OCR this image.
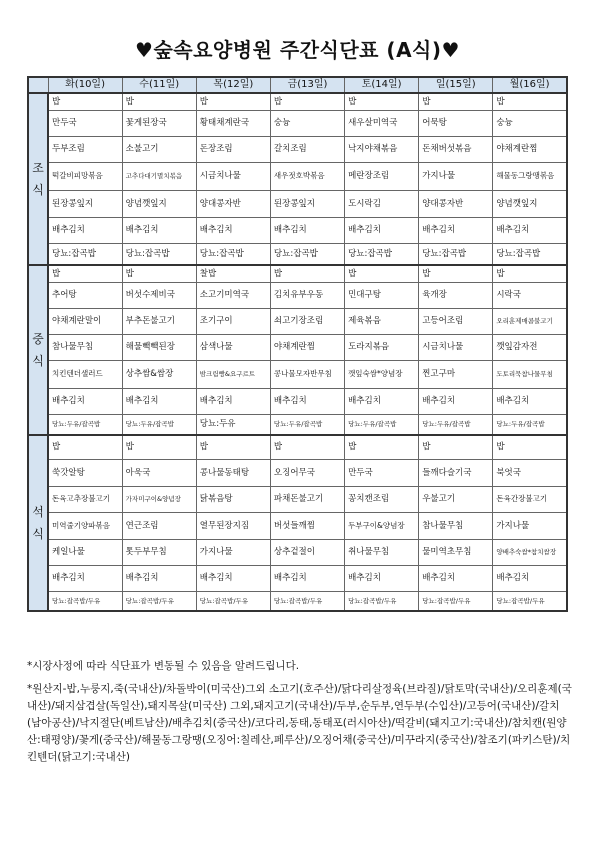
♥숲속요양병원 주간식단표 (A식)♥
	화(10일)	수(11일)	목(12일)	금(13일)	토(14일)	일(15일)	월(16일)
조
식	밥	밥	밥	밥	밥	밥	밥
	만두국	꽃게된장국	황태채계란국	숭늉	새우살미역국	어묵탕	숭늉
	두부조림	소불고기	돈장조림	갈치조림	낙지야채볶음	돈채버섯볶음	야채계란찜
	떡갈비피망볶음	고추다대기멸치볶음	시금치나물	새우젓호박볶음	메란장조림	가지나물	해물동그랑땡볶음
	된장콩잎지	양념깻잎지	양대콩자반	된장콩잎지	도시락김	양대콩자반	양념깻잎지
	배추김치	배추김치	배추김치	배추김치	배추김치	배추김치	배추김치
	당뇨:잡곡밥	당뇨:잡곡밥	당뇨:잡곡밥	당뇨:잡곡밥	당뇨:잡곡밥	당뇨:잡곡밥	당뇨:잡곡밥
중
식	밥	밥	찰밥	밥	밥	밥	밥
	추어탕	버섯수제비국	소고기미역국	김치유부우동	민대구탕	육개장	시락국
	야채계란말이	부추돈불고기	조기구이	쇠고기장조림	제육볶음	고등어조림	오리훈제매콤불고기
	참나물무침	해물빽빽된장	삼색나물	야채계란찜	도라지볶음	시금치나물	깻잎감자전
	치킨텐더샐러드	상추쌈&쌈장	밤크림빵&요구르트	콩나물모자반무침	깻잎숙쌈*양념장	찐고구마	도토리묵참나물무침
	배추김치	배추김치	배추김치	배추김치	배추김치	배추김치	배추김치
	당뇨:두유/잡곡밥	당뇨:두유/잡곡밥	당뇨:두유	당뇨:두유/잡곡밥	당뇨:두유/잡곡밥	당뇨:두유/잡곡밥	당뇨:두유/잡곡밥
석
식	밥	밥	밥	밥	밥	밥	밥
	쑥갓알탕	아욱국	콩나물동태탕	오징어무국	만두국	들깨다슬기국	북엇국
	돈육고추장불고기	가자미구이&양념장	닭볶음탕	파채돈불고기	꽁치캔조림	우불고기	돈육간장불고기
	미역줄기양파볶음	연근조림	열무된장지짐	버섯들깨찜	두부구이&양념장	참나물무침	가지나물
	케일나물	톳두부무침	가지나물	상추겉절이	취나물무침	물미역초무침	양배추숙쌈*참치쌈장
	배추김치	배추김치	배추김치	배추김치	배추김치	배추김치	배추김치
	당뇨:잡곡밥/두유	당뇨:잡곡밥/두유	당뇨:잡곡밥/두유	당뇨:잡곡밥/두유	당뇨:잡곡밥/두유	당뇨:잡곡밥/두유	당뇨:잡곡밥/두유
*시장사정에 따라 식단표가 변동될 수 있음을 알려드립니다.
*원산지-밥,누룽지,죽(국내산)/차돌박이(미국산)그외 소고기(호주산)/닭다리살정육(브라질)/닭토막(국내산)/오리훈제(국내산)/돼지삼겹살(독일산),돼지목살(미국산) 그외,돼지고기(국내산)/두부,순두부,연두부(수입산)/고등어(국내산)/갈치(남아공산)/낙지절단(베트남산)/배추김치(중국산)/코다리,동태,동태포(러시아산)/떡갈비(돼지고기:국내산)/참치캔(원양산:태평양)/꽃게(중국산)/해물동그랑땡(오징어:칠레산,페루산)/오징어채(중국산)/미꾸라지(중국산)/참조기(파키스탄)/치킨텐더(닭고기:국내산)
